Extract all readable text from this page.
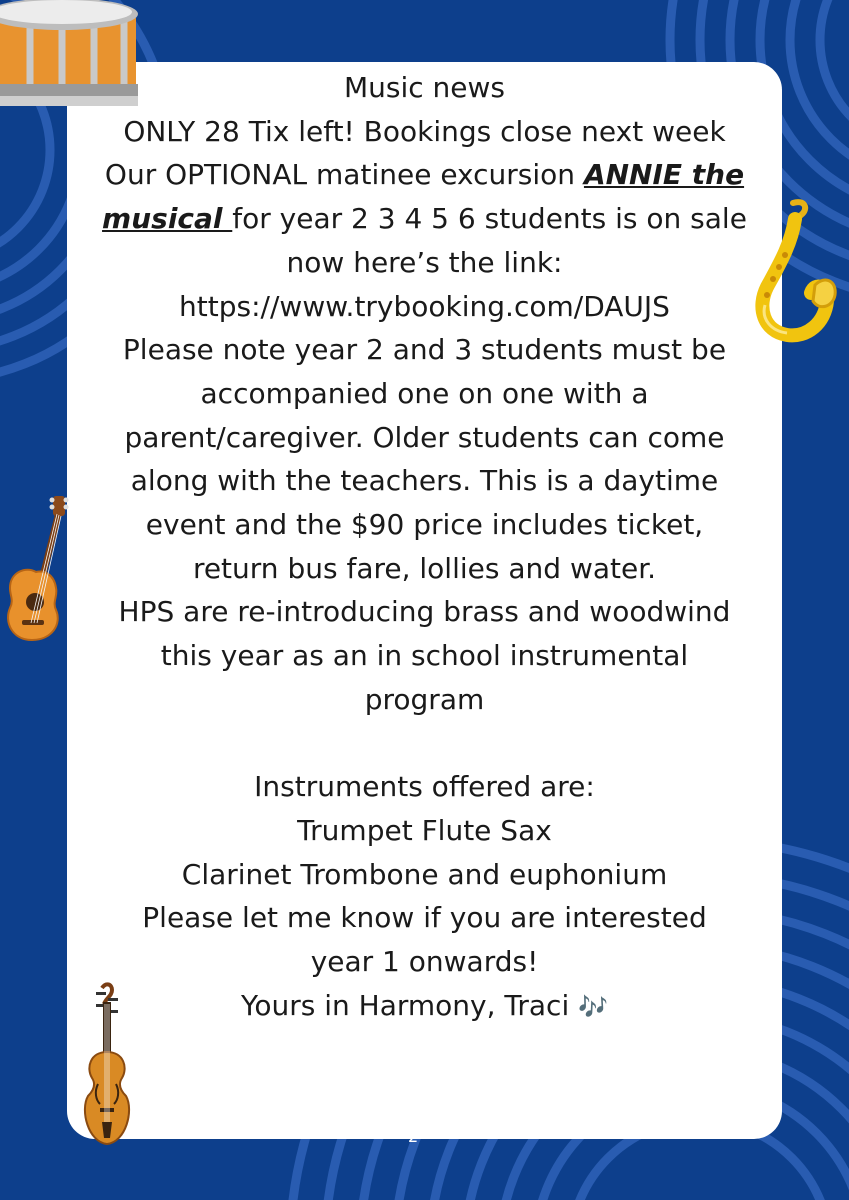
Music news
ONLY 28 Tix left! Bookings close next week
Our OPTIONAL matinee excursion ANNIE the
musical for year 2 3 4 5 6 students is on sale
now here’s the link:
https://www.trybooking.com/DAUJS
Please note year 2 and 3 students must be
accompanied one on one with a
parent/caregiver. Older students can come
along with the teachers. This is a daytime
event and the $90 price includes ticket,
return bus fare, lollies and water.
HPS are re-introducing brass and woodwind
this year as an in school instrumental
program
Instruments offered are:
Trumpet Flute Sax
Clarinet Trombone and euphonium
Please let me know if you are interested
year 1 onwards!
Yours in Harmony, Traci 🎶
2
